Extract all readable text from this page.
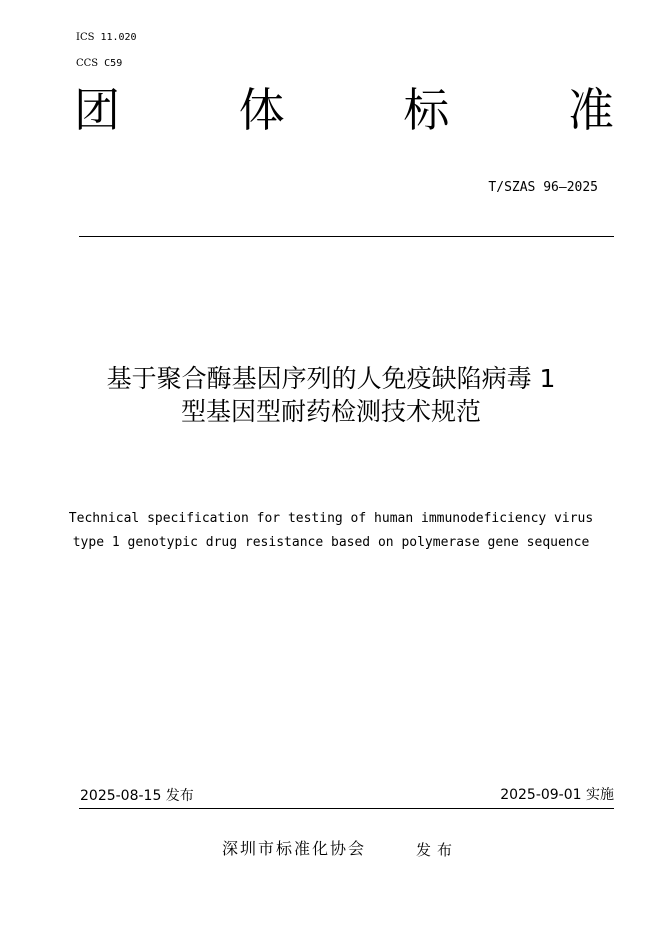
ICS 11.020
CCS C59
团	体	标	准
T/SZAS 96—2025
基于聚合酶基因序列的人免疫缺陷病毒 1
型基因型耐药检测技术规范
Technical specification for testing of human immunodeficiency virus
type 1 genotypic drug resistance based on polymerase gene sequence
2025-08-15 发布	2025-09-01 实施
深圳市标准化协会	发布
